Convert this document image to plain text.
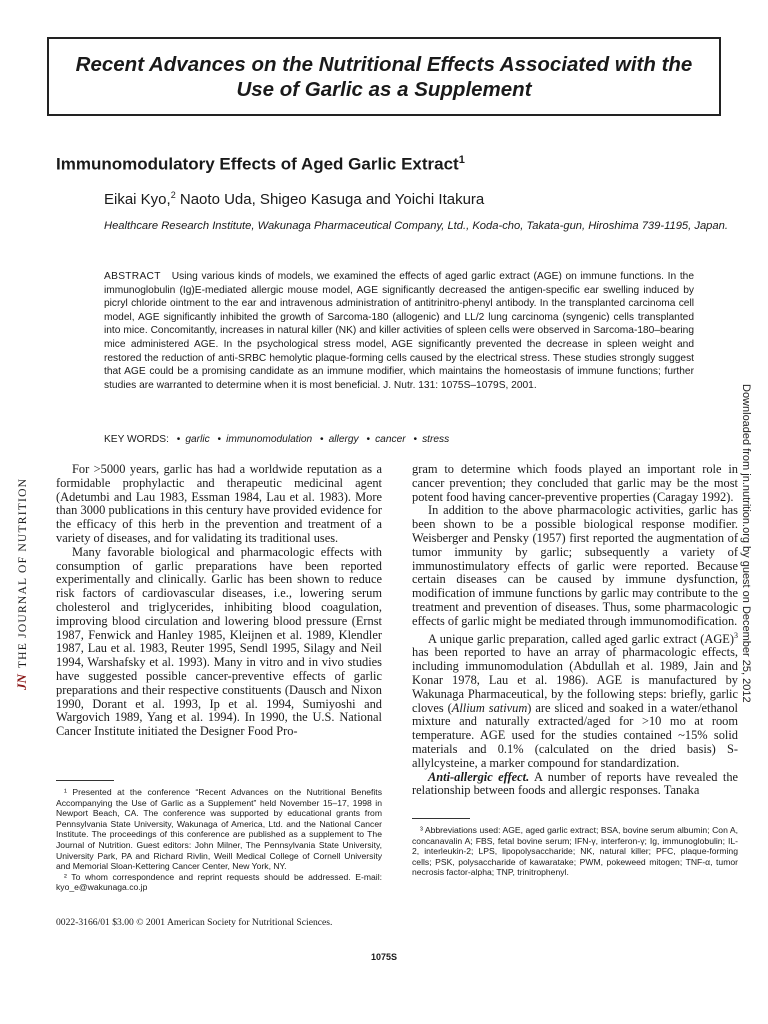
Recent Advances on the Nutritional Effects Associated with the Use of Garlic as a Supplement
Immunomodulatory Effects of Aged Garlic Extract$^1$
Eikai Kyo,$^2$ Naoto Uda, Shigeo Kasuga and Yoichi Itakura
Healthcare Research Institute, Wakunaga Pharmaceutical Company, Ltd., Koda-cho, Takata-gun, Hiroshima 739-1195, Japan.

ABSTRACT Using various kinds of models, we examined the effects of aged garlic extract (AGE) on immune functions. In the immunoglobulin (Ig)E-mediated allergic mouse model, AGE significantly decreased the antigen-specific ear swelling induced by picryl chloride ointment to the ear and intravenous administration of antitrinitro-phenyl antibody. In the transplanted carcinoma cell model, AGE significantly inhibited the growth of Sarcoma-180 (allogenic) and LL/2 lung carcinoma (syngenic) cells transplanted into mice. Concomitantly, increases in natural killer (NK) and killer activities of spleen cells were observed in Sarcoma-180–bearing mice administered AGE. In the psychological stress model, AGE significantly prevented the decrease in spleen weight and restored the reduction of anti-SRBC hemolytic plaque-forming cells caused by the electrical stress. These studies strongly suggest that AGE could be a promising candidate as an immune modifier, which maintains the homeostasis of immune functions; further studies are warranted to determine when it is most beneficial. J. Nutr. 131: 1075S–1079S, 2001.

KEY WORDS: • garlic • immunomodulation • allergy • cancer • stress

For >5000 years, garlic has had a worldwide reputation as a formidable prophylactic and therapeutic medicinal agent (Adetumbi and Lau 1983, Essman 1984, Lau et al. 1983). More than 3000 publications in this century have provided evidence for the efficacy of this herb in the prevention and treatment of a variety of diseases, and for validating its traditional uses.

Many favorable biological and pharmacologic effects with consumption of garlic preparations have been reported experimentally and clinically. Garlic has been shown to reduce risk factors of cardiovascular diseases, i.e., lowering serum cholesterol and triglycerides, inhibiting blood coagulation, improving blood circulation and lowering blood pressure (Ernst 1987, Fenwick and Hanley 1985, Kleijnen et al. 1989, Klendler 1987, Lau et al. 1983, Reuter 1995, Sendl 1995, Silagy and Neil 1994, Warshafsky et al. 1993). Many in vitro and in vivo studies have suggested possible cancer-preventive effects of garlic preparations and their respective constituents (Dausch and Nixon 1990, Dorant et al. 1993, Ip et al. 1994, Sumiyoshi and Wargovich 1989, Yang et al. 1994). In 1990, the U.S. National Cancer Institute initiated the Designer Food Pro-

gram to determine which foods played an important role in cancer prevention; they concluded that garlic may be the most potent food having cancer-preventive properties (Caragay 1992).

In addition to the above pharmacologic activities, garlic has been shown to be a possible biological response modifier. Weisberger and Pensky (1957) first reported the augmentation of tumor immunity by garlic; subsequently a variety of immunostimulatory effects of garlic were reported. Because certain diseases can be caused by immune dysfunction, modification of immune functions by garlic may contribute to the treatment and prevention of diseases. Thus, some pharmacologic effects of garlic might be mediated through immunomodification.

A unique garlic preparation, called aged garlic extract (AGE)$^3$ has been reported to have an array of pharmacologic effects, including immunomodulation (Abdullah et al. 1989, Jain and Konar 1978, Lau et al. 1986). AGE is manufactured by Wakunaga Pharmaceutical, by the following steps: briefly, garlic cloves (Allium sativum) are sliced and soaked in a water/ethanol mixture and naturally extracted/aged for >10 mo at room temperature. AGE used for the studies contained ~15% solid materials and 0.1% (calculated on the dried basis) S-allylcysteine, a marker compound for standardization.

Anti-allergic effect. A number of reports have revealed the relationship between foods and allergic responses. Tanaka

¹ Presented at the conference “Recent Advances on the Nutritional Benefits Accompanying the Use of Garlic as a Supplement” held November 15–17, 1998 in Newport Beach, CA. The conference was supported by educational grants from Pennsylvania State University, Wakunaga of America, Ltd. and the National Cancer Institute. The proceedings of this conference are published as a supplement to The Journal of Nutrition. Guest editors: John Milner, The Pennsylvania State University, University Park, PA and Richard Rivlin, Weill Medical College of Cornell University and Memorial Sloan-Kettering Cancer Center, New York, NY.

² To whom correspondence and reprint requests should be addressed. E-mail: kyo_e@wakunaga.co.jp

³ Abbreviations used: AGE, aged garlic extract; BSA, bovine serum albumin; Con A, concanavalin A; FBS, fetal bovine serum; IFN-γ, interferon-γ; Ig, immunoglobulin; IL-2, interleukin-2; LPS, lipopolysaccharide; NK, natural killer; PFC, plaque-forming cells; PSK, polysaccharide of kawaratake; PWM, pokeweed mitogen; TNF-α, tumor necrosis factor-alpha; TNP, trinitrophenyl.

0022-3166/01 $3.00 © 2001 American Society for Nutritional Sciences.
1075S
JNTHE JOURNAL OF NUTRITION	Downloaded from jn.nutrition.org by guest on December 25, 2012
